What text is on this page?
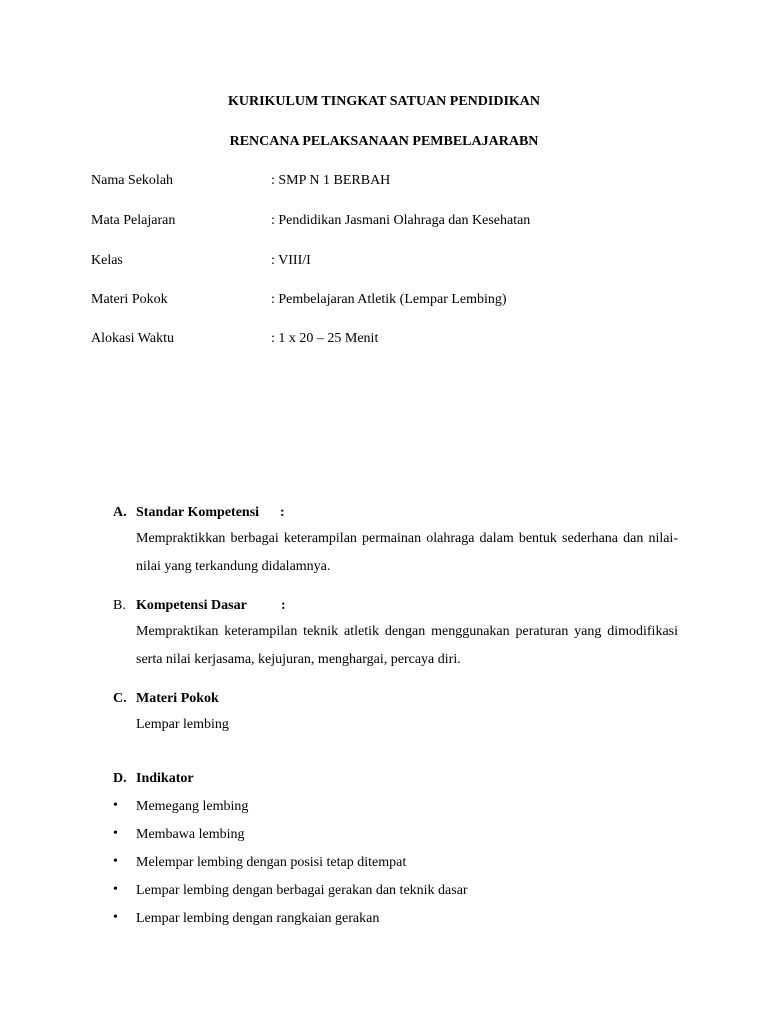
KURIKULUM TINGKAT SATUAN PENDIDIKAN
RENCANA PELAKSANAAN PEMBELAJARABN
Nama Sekolah	: SMP N 1 BERBAH
Mata Pelajaran	: Pendidikan Jasmani Olahraga dan Kesehatan
Kelas	: VIII/I
Materi Pokok	: Pembelajaran Atletik (Lempar Lembing)
Alokasi Waktu	: 1 x 20 – 25 Menit
A. Standar Kompetensi :
Mempraktikkan berbagai keterampilan permainan olahraga dalam bentuk sederhana dan nilai-nilai yang terkandung didalamnya.
B. Kompetensi Dasar :
Mempraktikan keterampilan teknik atletik dengan menggunakan peraturan yang dimodifikasi serta nilai kerjasama, kejujuran, menghargai, percaya diri.
C. Materi Pokok
Lempar lembing
D. Indikator
• Memegang lembing
• Membawa lembing
• Melempar lembing dengan posisi tetap ditempat
• Lempar lembing dengan berbagai gerakan dan teknik dasar
• Lempar lembing dengan rangkaian gerakan
